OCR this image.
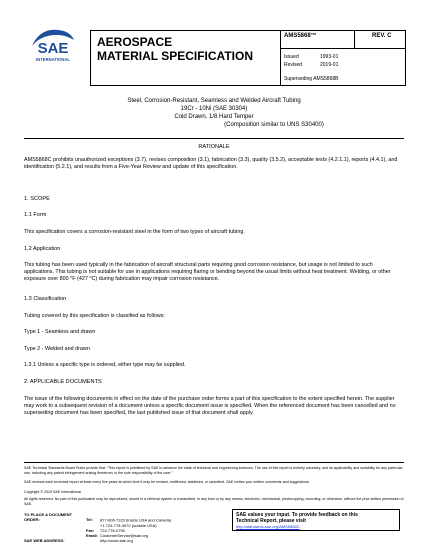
SAE
INTERNATIONAL
AEROSPACE
MATERIAL SPECIFICATION
AMS5868™	REV. C
Issued	1993-01
Revised	2019-01
Superseding AMS5868B
Steel, Corrosion-Resistant, Seamless and Welded Aircraft Tubing
19Cr - 10Ni (SAE 30304)
Cold Drawn, 1/8 Hard Temper
(Composition similar to UNS S30400)
RATIONALE

AMS5868C prohibits unauthorized exceptions (3.7), revises composition (3.1), fabrication (3.3), quality (3.5.2), acceptable tests (4.2.1.1), reports (4.4.1), and identification (5.2.1), and results from a Five-Year Review and update of this specification.

1. SCOPE
1.1 Form

This specification covers a corrosion-resistant steel in the form of two types of aircraft tubing.

1.2 Application

This tubing has been used typically in the fabrication of aircraft structural parts requiring good corrosion resistance, but usage is not limited to such applications. This tubing is not suitable for use in applications requiring flaring or bending beyond the usual limits without heat treatment. Welding, or other exposure over 800 °F (427 °C) during fabrication may impair corrosion resistance.

1.3 Classification

Tubing covered by this specification is classified as follows:

Type 1 - Seamless and drawn
Type 2 - Welded and drawn

1.3.1 Unless a specific type is ordered, either type may be supplied.

2. APPLICABLE DOCUMENTS

The issue of the following documents in effect on the date of the purchase order forms a part of this specification to the extent specified herein. The supplier may work to a subsequent revision of a document unless a specific document issue is specified. When the referenced document has been cancelled and no superseding document has been specified, the last published issue of that document shall apply.

SAE Technical Standards Board Rules provide that: “This report is published by SAE to advance the state of technical and engineering sciences. The use of this report is entirely voluntary, and its applicability and suitability for any particular use, including any patent infringement arising therefrom, is the sole responsibility of the user.”

SAE reviews each technical report at least every five years at which time it may be revised, reaffirmed, stabilized, or cancelled. SAE invites your written comments and suggestions.

Copyright © 2019 SAE International

All rights reserved. No part of this publication may be reproduced, stored in a retrieval system or transmitted, in any form or by any means, electronic, mechanical, photocopying, recording, or otherwise, without the prior written permission of SAE.

TO PLACE A DOCUMENT ORDER:	Tel: 877-606-7323 (inside USA and Canada)
+1 724-776-4970 (outside USA)
Fax: 724-776-0790
Email: CustomerService@sae.org
SAE WEB ADDRESS:	http://www.sae.org
SAE values your input. To provide feedback on this
Technical Report, please visit
http://standards.sae.org/AMS5868C
